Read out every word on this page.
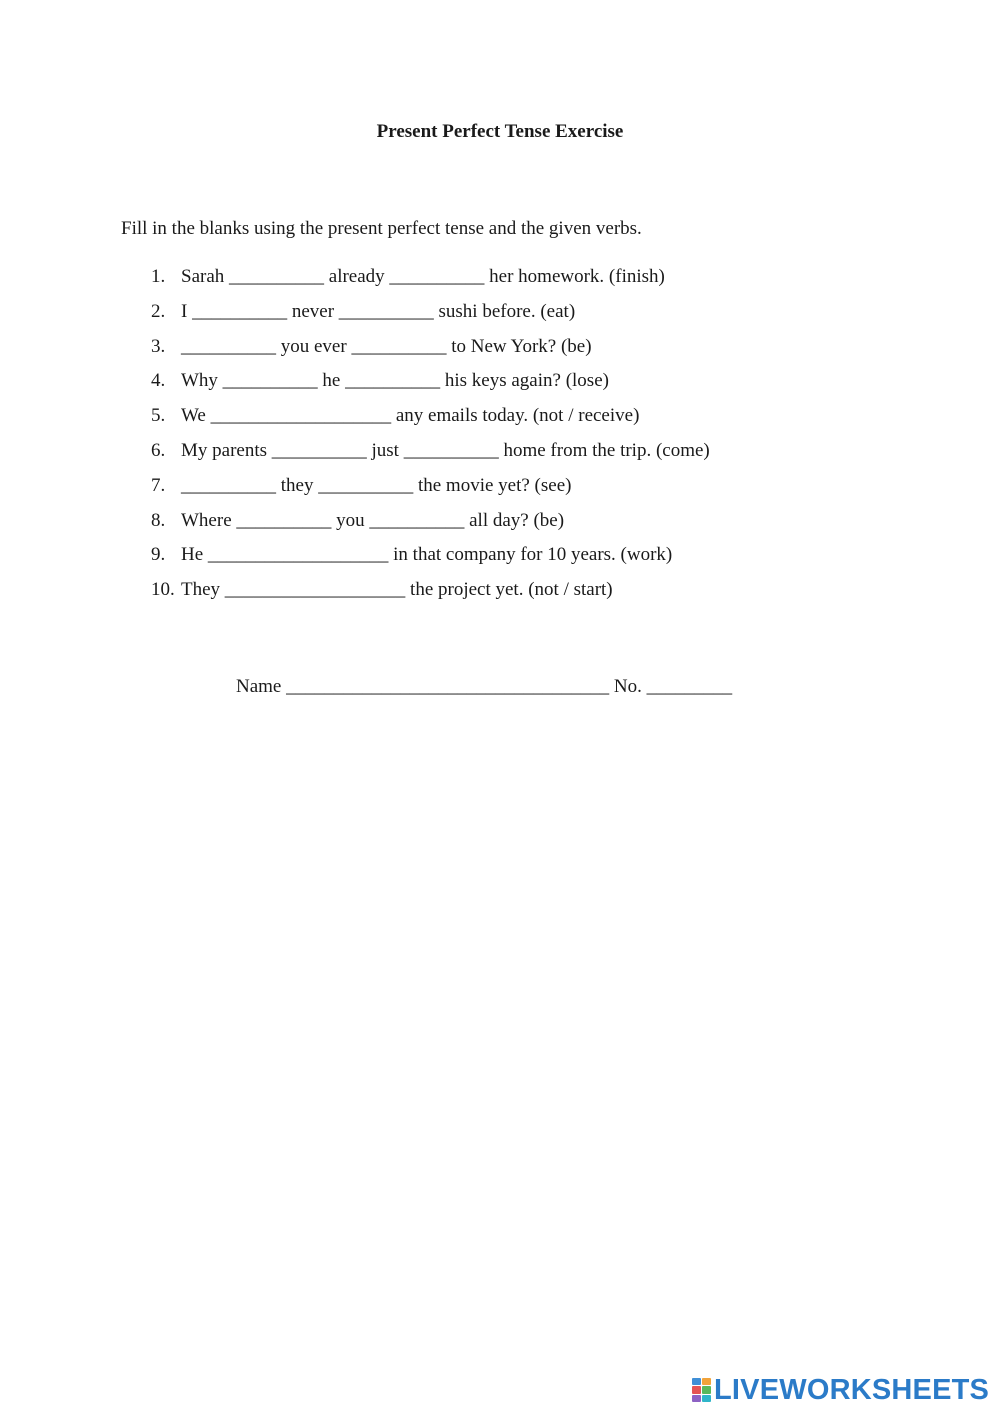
Present Perfect Tense Exercise
Fill in the blanks using the present perfect tense and the given verbs.
1. Sarah __________ already __________ her homework. (finish)
2. I __________ never __________ sushi before. (eat)
3. __________ you ever __________ to New York? (be)
4. Why __________ he __________ his keys again? (lose)
5. We ___________________ any emails today. (not / receive)
6. My parents __________ just __________ home from the trip. (come)
7. __________ they __________ the movie yet? (see)
8. Where __________ you __________ all day? (be)
9. He ___________________ in that company for 10 years. (work)
10. They ___________________ the project yet. (not / start)
Name __________________________________ No. _________
LIVEWORKSHEETS
